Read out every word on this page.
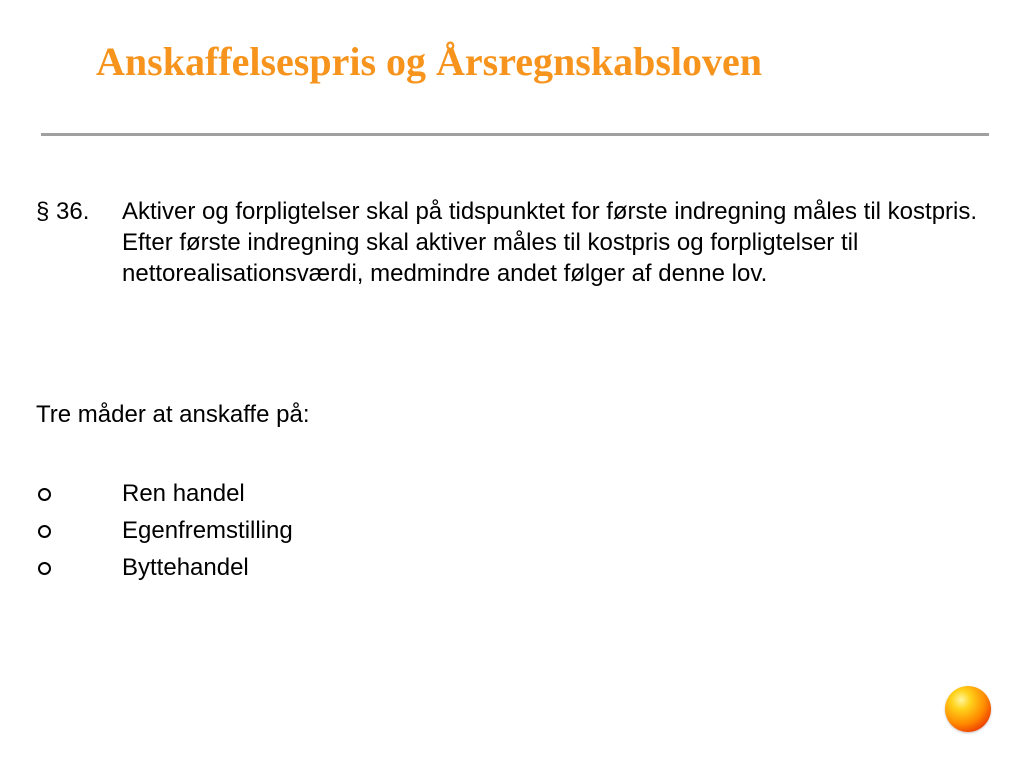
Anskaffelsespris og Årsregnskabsloven
§ 36. Aktiver og forpligtelser skal på tidspunktet for første indregning måles til kostpris. Efter første indregning skal aktiver måles til kostpris og forpligtelser til nettorealisationsværdi, medmindre andet følger af denne lov.
Tre måder at anskaffe på:
Ren handel
Egenfremstilling
Byttehandel
